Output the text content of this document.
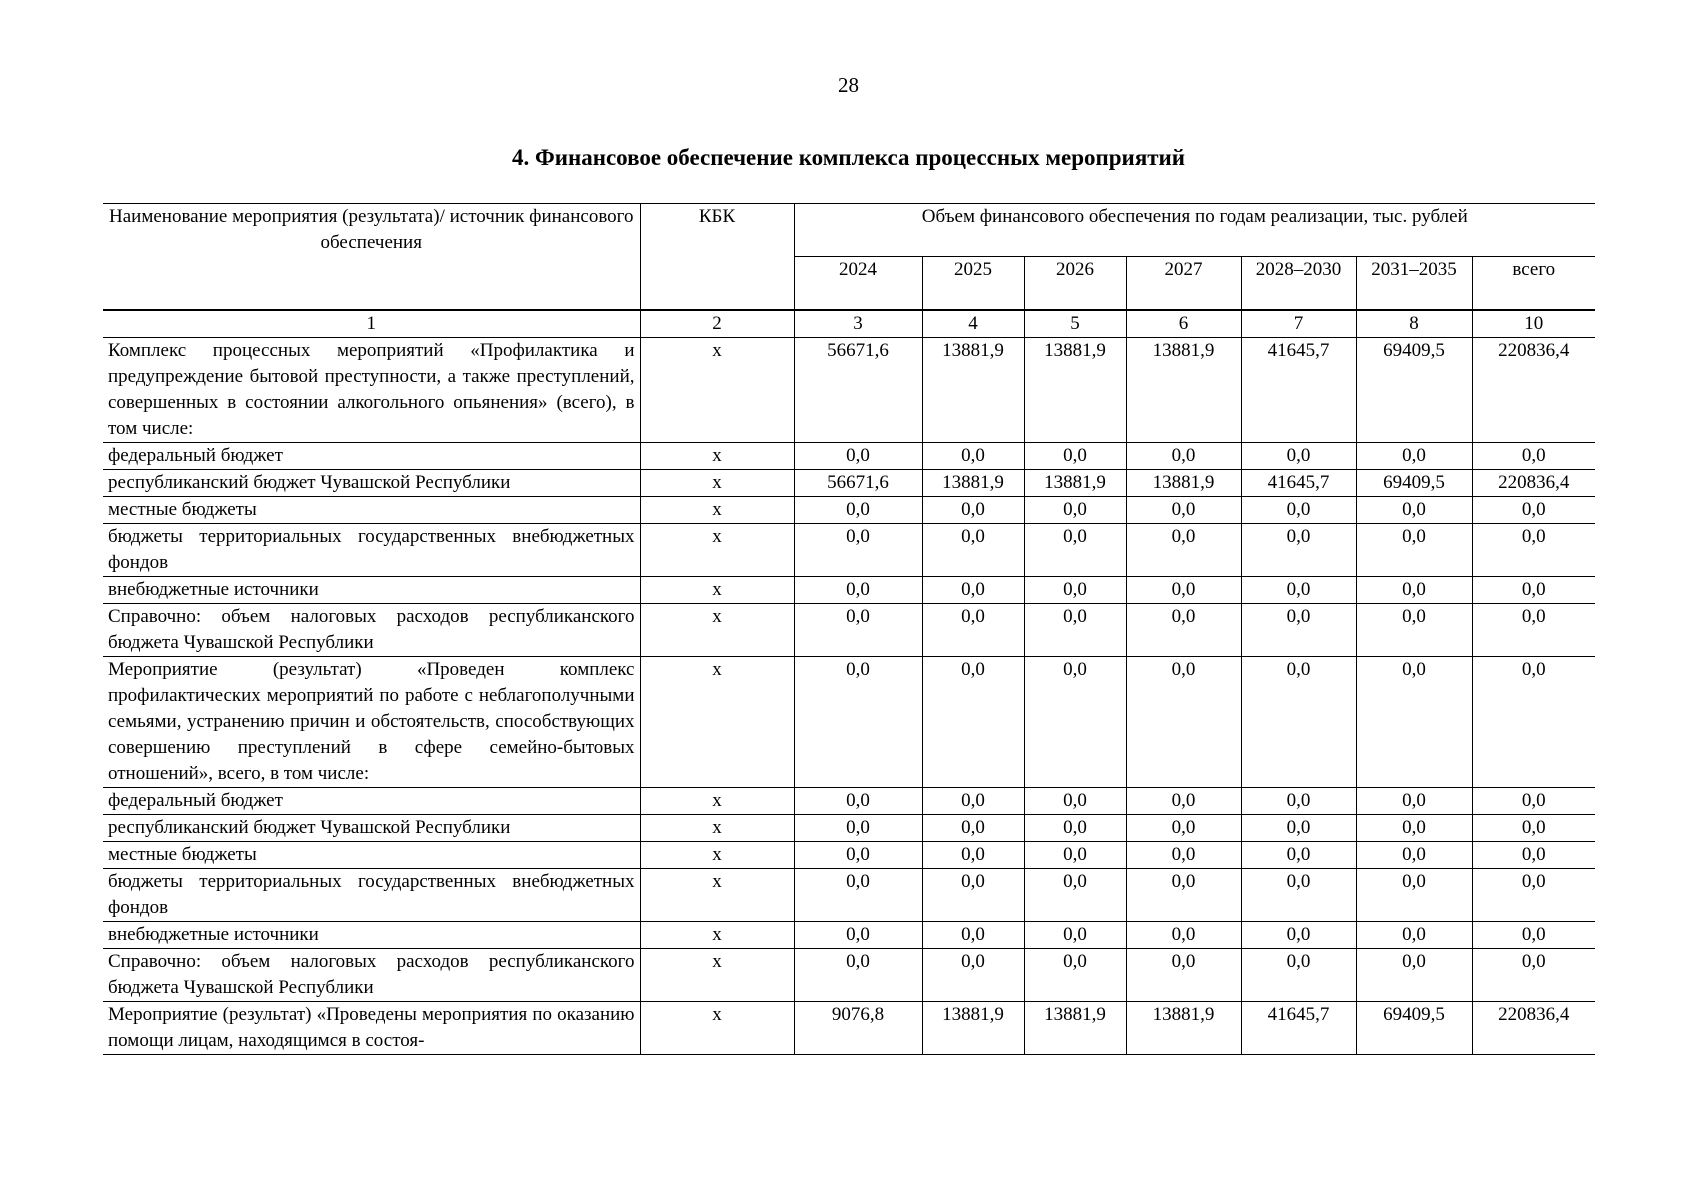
28
4. Финансовое обеспечение комплекса процессных мероприятий
Наименование мероприятия (результата)/ источник финансового обеспечения	КБК	Объем финансового обеспечения по годам реализации, тыс. рублей						
		2024	2025	2026	2027	2028–2030	2031–2035	всего
1	2	3	4	5	6	7	8	10
Комплекс процессных мероприятий «Профилактика и предупреждение бытовой преступности, а также преступлений, совершенных в состоянии алкогольного опьянения» (всего), в том числе:	x	56671,6	13881,9	13881,9	13881,9	41645,7	69409,5	220836,4
федеральный бюджет	x	0,0	0,0	0,0	0,0	0,0	0,0	0,0
республиканский бюджет Чувашской Республики	x	56671,6	13881,9	13881,9	13881,9	41645,7	69409,5	220836,4
местные бюджеты	x	0,0	0,0	0,0	0,0	0,0	0,0	0,0
бюджеты территориальных государственных внебюджетных фондов	x	0,0	0,0	0,0	0,0	0,0	0,0	0,0
внебюджетные источники	x	0,0	0,0	0,0	0,0	0,0	0,0	0,0
Справочно: объем налоговых расходов республиканского бюджета Чувашской Республики	x	0,0	0,0	0,0	0,0	0,0	0,0	0,0
Мероприятие (результат) «Проведен комплекс профилактических мероприятий по работе с неблагополучными семьями, устранению причин и обстоятельств, способствующих совершению преступлений в сфере семейно-бытовых отношений», всего, в том числе:	x	0,0	0,0	0,0	0,0	0,0	0,0	0,0
федеральный бюджет	x	0,0	0,0	0,0	0,0	0,0	0,0	0,0
республиканский бюджет Чувашской Республики	x	0,0	0,0	0,0	0,0	0,0	0,0	0,0
местные бюджеты	x	0,0	0,0	0,0	0,0	0,0	0,0	0,0
бюджеты территориальных государственных внебюджетных фондов	x	0,0	0,0	0,0	0,0	0,0	0,0	0,0
внебюджетные источники	x	0,0	0,0	0,0	0,0	0,0	0,0	0,0
Справочно: объем налоговых расходов республиканского бюджета Чувашской Республики	x	0,0	0,0	0,0	0,0	0,0	0,0	0,0
Мероприятие (результат) «Проведены мероприятия по оказанию помощи лицам, находящимся в состоя-	x	9076,8	13881,9	13881,9	13881,9	41645,7	69409,5	220836,4
